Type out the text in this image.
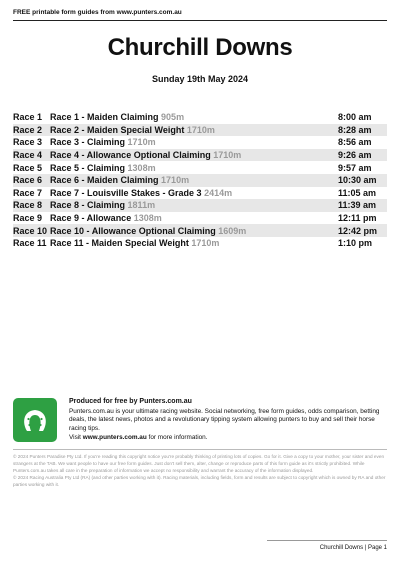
FREE printable form guides from www.punters.com.au
Churchill Downs
Sunday 19th May 2024
Race 1 Race 1 - Maiden Claiming 905m	8:00 am
Race 2 Race 2 - Maiden Special Weight 1710m	8:28 am
Race 3 Race 3 - Claiming 1710m	8:56 am
Race 4 Race 4 - Allowance Optional Claiming 1710m	9:26 am
Race 5 Race 5 - Claiming 1308m	9:57 am
Race 6 Race 6 - Maiden Claiming 1710m	10:30 am
Race 7 Race 7 - Louisville Stakes - Grade 3 2414m	11:05 am
Race 8 Race 8 - Claiming 1811m	11:39 am
Race 9 Race 9 - Allowance 1308m	12:11 pm
Race 10 Race 10 - Allowance Optional Claiming 1609m	12:42 pm
Race 11 Race 11 - Maiden Special Weight 1710m	1:10 pm
Produced for free by Punters.com.au
Punters.com.au is your ultimate racing website. Social networking, free form guides, odds comparison, betting deals, the latest news, photos and a revolutionary tipping system allowing punters to buy and sell their horse racing tips.
Visit www.punters.com.au for more information.
© 2024 Punters Paradise Pty Ltd. If you're reading this copyright notice you're probably thinking of printing lots of copies. Go for it. Give a copy to your mother, your sister and even strangers at the TAB. We want people to have our free form guides. Just don't sell them, alter, change or reproduce parts of this form guide as it's strictly prohibited. While Punters.com.au takes all care in the preparation of information we accept no responsibility and warrant the accuracy of the information displayed.
© 2024 Racing Australia Pty Ltd (RA) (and other parties working with it). Racing materials, including fields, form and results are subject to copyright which is owned by RA and other parties working with it.
Churchill Downs | Page 1
